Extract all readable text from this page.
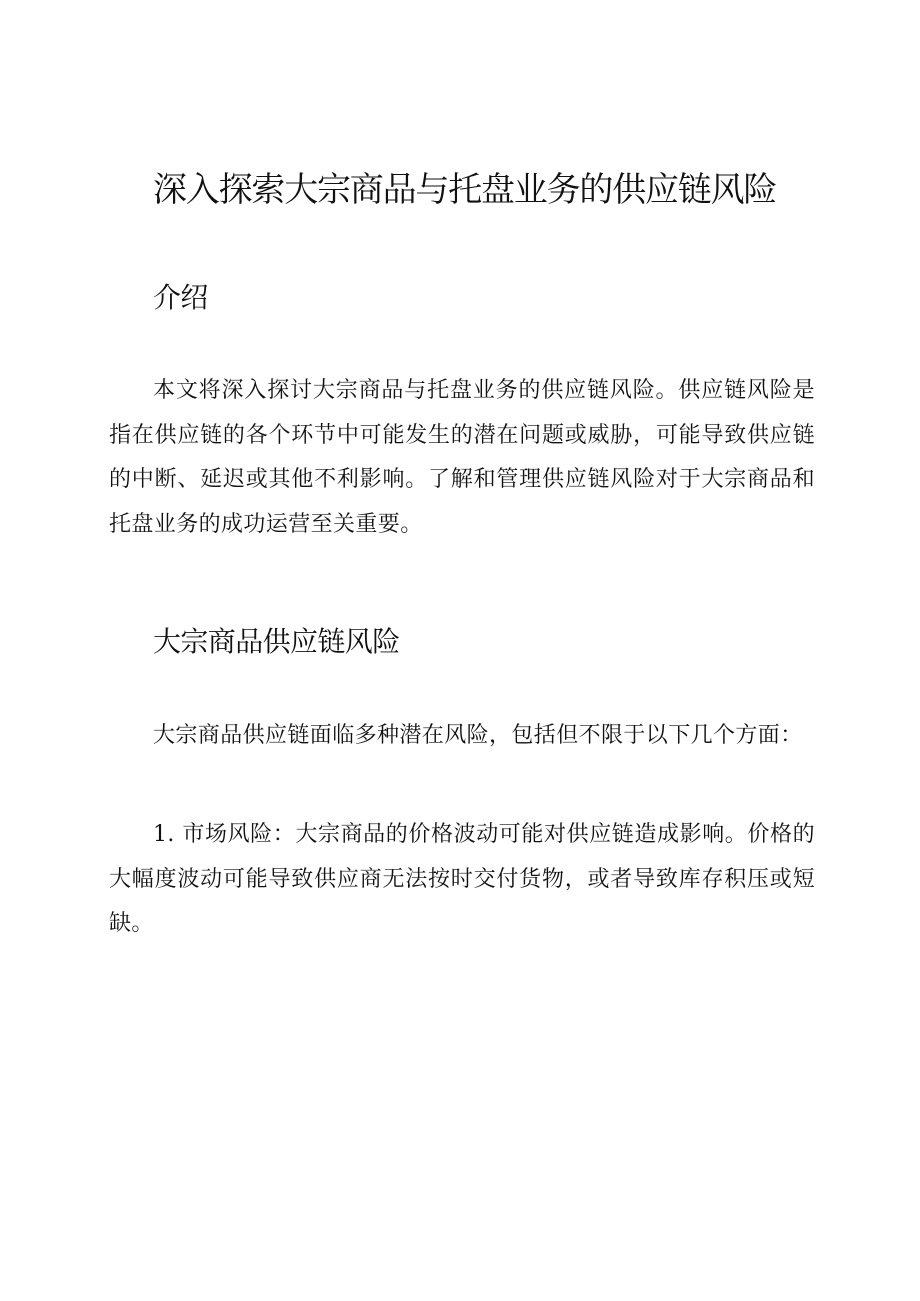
深入探索大宗商品与托盘业务的供应链风险
介绍

本文将深入探讨大宗商品与托盘业务的供应链风险。供应链风险是指在供应链的各个环节中可能发生的潜在问题或威胁，可能导致供应链的中断、延迟或其他不利影响。了解和管理供应链风险对于大宗商品和托盘业务的成功运营至关重要。

大宗商品供应链风险

大宗商品供应链面临多种潜在风险，包括但不限于以下几个方面：

1. 市场风险：大宗商品的价格波动可能对供应链造成影响。价格的大幅度波动可能导致供应商无法按时交付货物，或者导致库存积压或短缺。
